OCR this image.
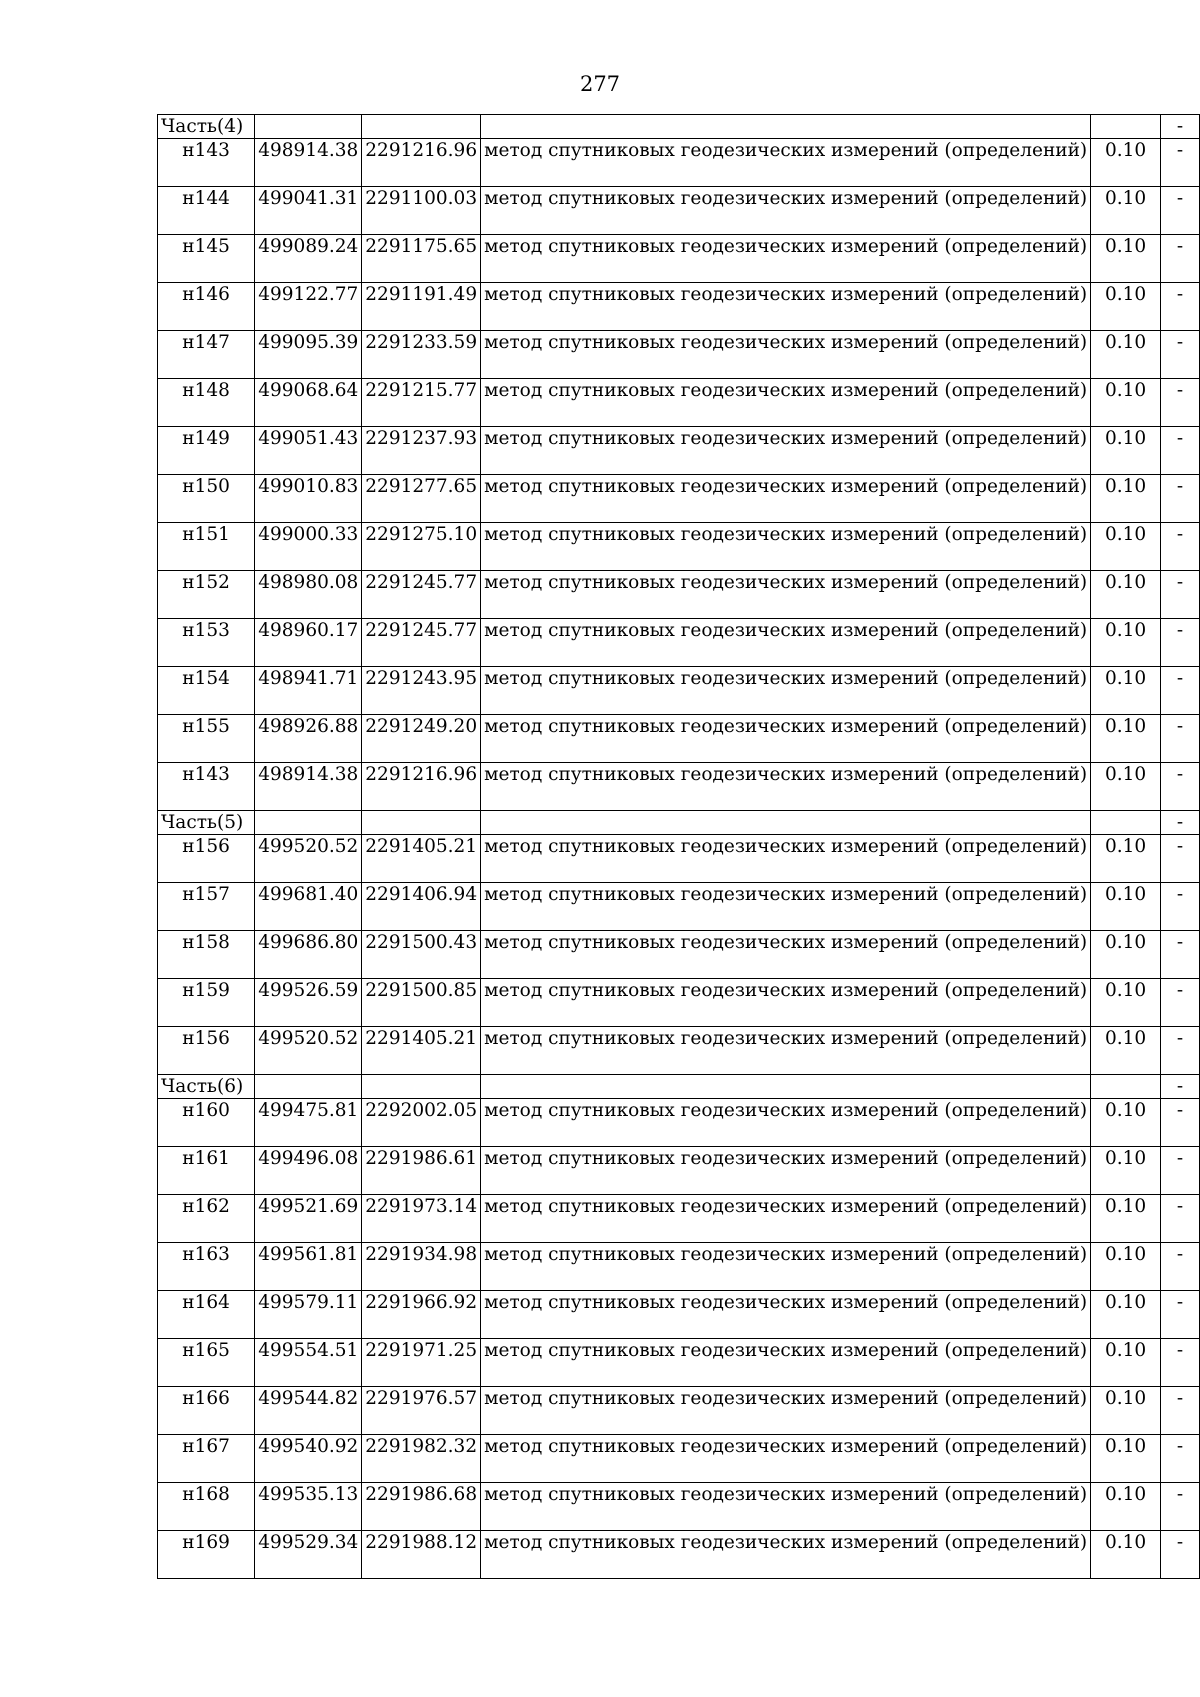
277
Часть(4)					-
н143	498914.38	2291216.96	метод спутниковых геодезических измерений (определений)	0.10	-
н144	499041.31	2291100.03	метод спутниковых геодезических измерений (определений)	0.10	-
н145	499089.24	2291175.65	метод спутниковых геодезических измерений (определений)	0.10	-
н146	499122.77	2291191.49	метод спутниковых геодезических измерений (определений)	0.10	-
н147	499095.39	2291233.59	метод спутниковых геодезических измерений (определений)	0.10	-
н148	499068.64	2291215.77	метод спутниковых геодезических измерений (определений)	0.10	-
н149	499051.43	2291237.93	метод спутниковых геодезических измерений (определений)	0.10	-
н150	499010.83	2291277.65	метод спутниковых геодезических измерений (определений)	0.10	-
н151	499000.33	2291275.10	метод спутниковых геодезических измерений (определений)	0.10	-
н152	498980.08	2291245.77	метод спутниковых геодезических измерений (определений)	0.10	-
н153	498960.17	2291245.77	метод спутниковых геодезических измерений (определений)	0.10	-
н154	498941.71	2291243.95	метод спутниковых геодезических измерений (определений)	0.10	-
н155	498926.88	2291249.20	метод спутниковых геодезических измерений (определений)	0.10	-
н143	498914.38	2291216.96	метод спутниковых геодезических измерений (определений)	0.10	-
Часть(5)					-
н156	499520.52	2291405.21	метод спутниковых геодезических измерений (определений)	0.10	-
н157	499681.40	2291406.94	метод спутниковых геодезических измерений (определений)	0.10	-
н158	499686.80	2291500.43	метод спутниковых геодезических измерений (определений)	0.10	-
н159	499526.59	2291500.85	метод спутниковых геодезических измерений (определений)	0.10	-
н156	499520.52	2291405.21	метод спутниковых геодезических измерений (определений)	0.10	-
Часть(6)					-
н160	499475.81	2292002.05	метод спутниковых геодезических измерений (определений)	0.10	-
н161	499496.08	2291986.61	метод спутниковых геодезических измерений (определений)	0.10	-
н162	499521.69	2291973.14	метод спутниковых геодезических измерений (определений)	0.10	-
н163	499561.81	2291934.98	метод спутниковых геодезических измерений (определений)	0.10	-
н164	499579.11	2291966.92	метод спутниковых геодезических измерений (определений)	0.10	-
н165	499554.51	2291971.25	метод спутниковых геодезических измерений (определений)	0.10	-
н166	499544.82	2291976.57	метод спутниковых геодезических измерений (определений)	0.10	-
н167	499540.92	2291982.32	метод спутниковых геодезических измерений (определений)	0.10	-
н168	499535.13	2291986.68	метод спутниковых геодезических измерений (определений)	0.10	-
н169	499529.34	2291988.12	метод спутниковых геодезических измерений (определений)	0.10	-
